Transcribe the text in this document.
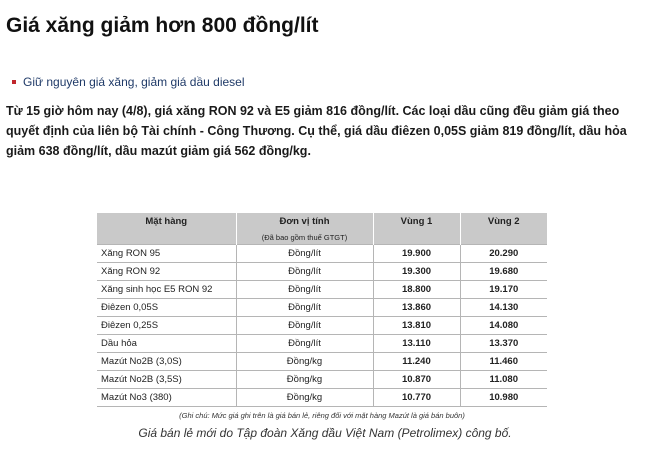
Giá xăng giảm hơn 800 đồng/lít
Giữ nguyên giá xăng, giảm giá dầu diesel

Từ 15 giờ hôm nay (4/8), giá xăng RON 92 và E5 giảm 816 đồng/lít. Các loại dầu cũng đều giảm giá theo quyết định của liên bộ Tài chính - Công Thương. Cụ thể, giá dầu điêzen 0,05S giảm 819 đồng/lít, dầu hỏa giảm 638 đồng/lít, dầu mazút giảm giá 562 đồng/kg.

Mặt hàng	Đơn vị tính	Vùng 1	Vùng 2
	(Đã bao gồm thuế GTGT)		
Xăng RON 95	Đồng/lít	19.900	20.290
Xăng RON 92	Đồng/lít	19.300	19.680
Xăng sinh học E5 RON 92	Đồng/lít	18.800	19.170
Điêzen 0,05S	Đồng/lít	13.860	14.130
Điêzen 0,25S	Đồng/lít	13.810	14.080
Dầu hỏa	Đồng/lít	13.110	13.370
Mazút No2B (3,0S)	Đồng/kg	11.240	11.460
Mazút No2B (3,5S)	Đồng/kg	10.870	11.080
Mazút No3 (380)	Đồng/kg	10.770	10.980
(Ghi chú: Mức giá ghi trên là giá bán lẻ, riêng đối với mặt hàng Mazút là giá bán buôn)
Giá bán lẻ mới do Tập đoàn Xăng dầu Việt Nam (Petrolimex) công bố.
